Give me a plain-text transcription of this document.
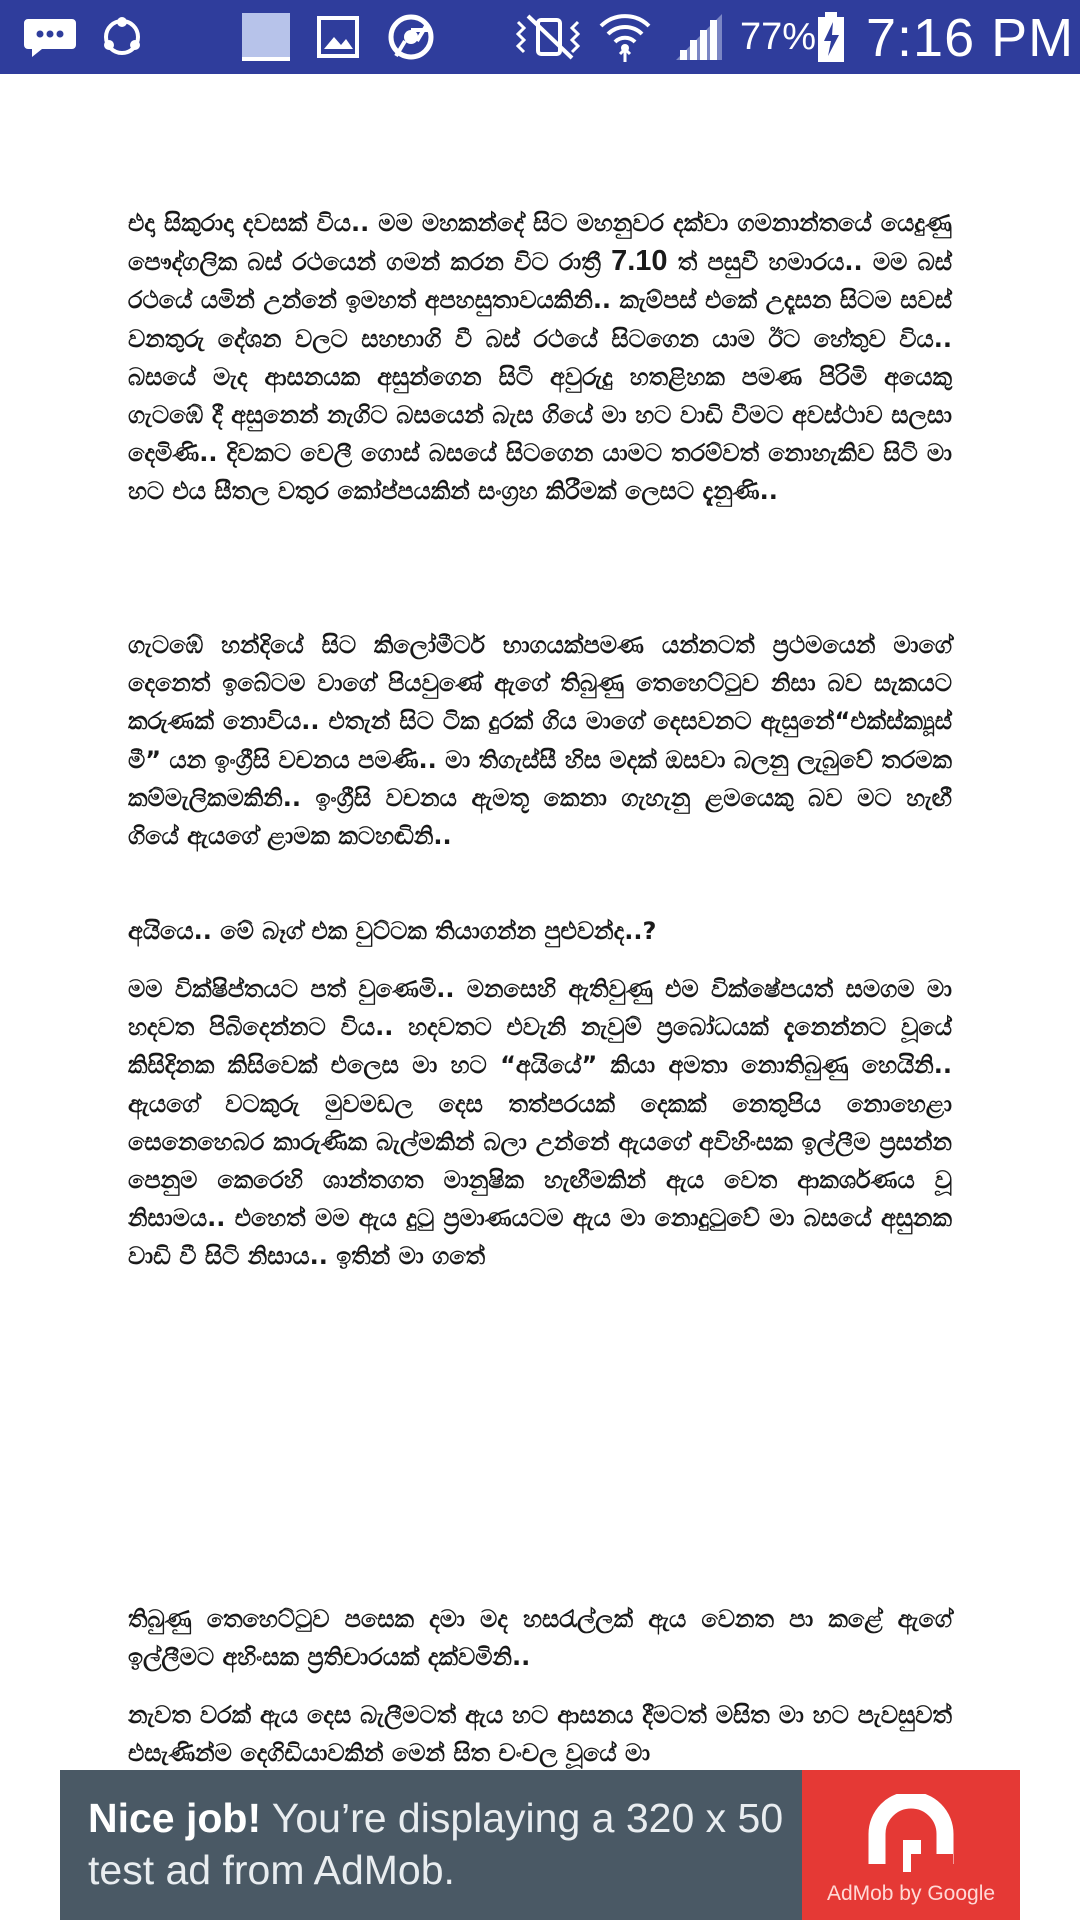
77% 7:16 PM

එදා සිකුරාදා දවසක් විය.. මම මහකන්දේ සිට මහනුවර දක්වා ගමනාන්තයේ යෙදුණු පෞද්ගලික බස් රථයෙන් ගමන් කරන විට රාත්‍රී 7.10 ත් පසුවී හමාරය.. මම බස් රථයේ යමින් උන්නේ ඉමහත් අපහසුතාවයකිනි.. කැම්පස් එකේ උදෑසන සිටම සවස් වනතුරු දේශන වලට සහභාගි වී බස් රථයේ සිටගෙන යාම ඊට හේතුව විය.. බසයේ මැද ආසනයක අසුන්ගෙන සිටි අවුරුදු හතළිහක පමණ පිරිමි අයෙකු ගැටඹේ දී අසුනෙන් නැගිට බසයෙන් බැස ගියේ මා හට වාඩි වීමට අවස්ථාව සලසා දෙමිණි.. දිවකට වෙලී ගොස් බසයේ සිටගෙන යාමට තරම්වත් නොහැකිව සිටි මා හට එය සීතල වතුර කෝප්පයකින් සංග්‍රහ කිරීමක් ලෙසට දැනුණි..

ගැටඹේ හන්දියේ සිට කිලෝමීටර් භාගයක්පමණ යන්නටත් ප්‍රථමයෙන් මාගේ දෙනෙත් ඉබේටම වාගේ පියවුණේ ඇගේ තිබුණු තෙහෙට්ටුව නිසා බව සැකයට කරුණක් නොවිය.. එතැන් සිට ටික දුරක් ගිය මාගේ දෙසවනට ඇසුනේ“එක්ස්ක්‍යූස් මී” යන ඉංග්‍රීසි වචනය පමණි.. මා තිගැස්සී හිස මදක් ඔසවා බලනු ලැබුවේ තරමක කම්මැලිකමකිනි.. ඉංග්‍රීසි වචනය ඇමතූ කෙනා ගැහැනු ළමයෙකු බව මට හැඟී ගියේ ඇයගේ ළාමක කටහඬිනි..

අයියෙ.. මේ බෑග් එක වුට්ටක තියාගන්න පුළුවන්ද..?

මම වික්ෂිප්තයට පත් වුණෙමි.. මනසෙහි ඇතිවුණු එම වික්ෂේපයත් සමගම මා හදවත පිබිදෙන්නට විය.. හදවතට එවැනි නැවුම් ප්‍රබෝධයක් දැනෙන්නට වූයේ කිසිදිනක කිසිවෙක් එලෙස මා හට “අයියේ” කියා අමතා නොතිබුණු හෙයිනි.. ඇයගේ වටකුරු මුවමඩල දෙස තත්පරයක් දෙකක් නෙතුපිය නොහෙළා සෙනෙහෙබර කාරුණික බැල්මකින් බලා උන්නේ ඇයගේ අවිහිංසක ඉල්ලීම ප්‍රසන්න පෙනුම කෙරෙහි ශාන්තගත මානුෂික හැඟීමකින් ඇය වෙත ආකර්ශණය වූ නිසාමය.. එහෙත් මම ඇය දුටු ප්‍රමාණයටම ඇය මා නොදුටුවේ මා බසයේ අසුනක වාඩි වී සිටි නිසාය.. ඉතින් මා ගතේ

තිබුණු තෙහෙට්ටුව පසෙක දමා මද හසරැල්ලක් ඇය වෙනත පා කළේ ඇගේ ඉල්ලීමට අහිංසක ප්‍රතිචාරයක් දක්වමිනි..

නැවත වරක් ඇය දෙස බැලීමටත් ඇය හට ආසනය දීමටත් මසිත මා හට පැවසුවත් එසැණින්ම දෙගිඩියාවකින් මෙන් සිත චංචල වූයේ මා

Nice job! You’re displaying a 320 x 50 test ad from AdMob.
AdMob by Google
